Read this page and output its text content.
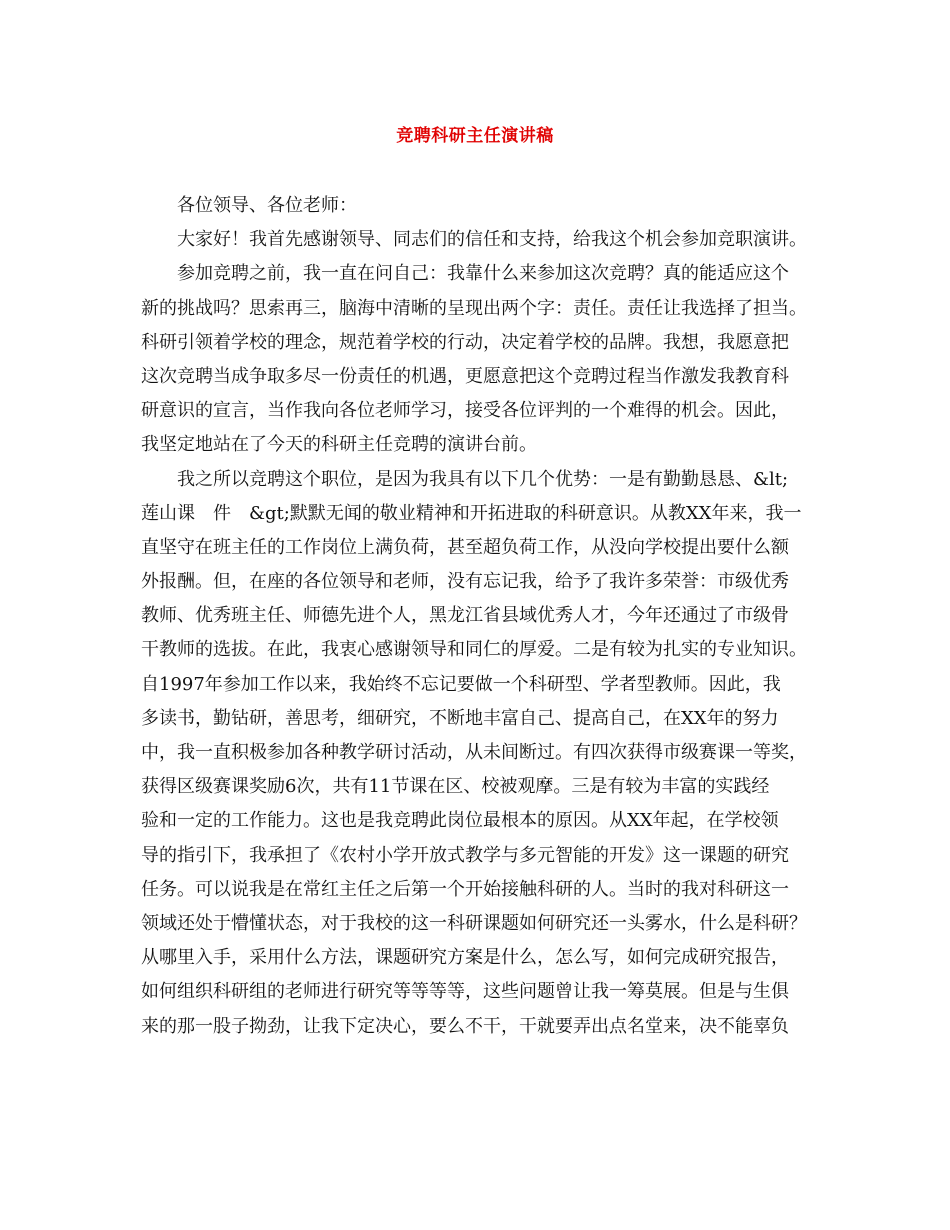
竞聘科研主任演讲稿
各位领导、各位老师：
大家好！我首先感谢领导、同志们的信任和支持，给我这个机会参加竞职演讲。
参加竞聘之前，我一直在问自己：我靠什么来参加这次竞聘？真的能适应这个
新的挑战吗？思索再三，脑海中清晰的呈现出两个字：责任。责任让我选择了担当。
科研引领着学校的理念，规范着学校的行动，决定着学校的品牌。我想，我愿意把
这次竞聘当成争取多尽一份责任的机遇，更愿意把这个竞聘过程当作激发我教育科
研意识的宣言，当作我向各位老师学习，接受各位评判的一个难得的机会。因此，
我坚定地站在了今天的科研主任竞聘的演讲台前。
我之所以竞聘这个职位，是因为我具有以下几个优势：一是有勤勤恳恳、&lt;
莲山课　件　&gt;默默无闻的敬业精神和开拓进取的科研意识。从教XX年来，我一
直坚守在班主任的工作岗位上满负荷，甚至超负荷工作，从没向学校提出要什么额
外报酬。但，在座的各位领导和老师，没有忘记我，给予了我许多荣誉：市级优秀
教师、优秀班主任、师德先进个人，黑龙江省县域优秀人才，今年还通过了市级骨
干教师的选拔。在此，我衷心感谢领导和同仁的厚爱。二是有较为扎实的专业知识。
自1997年参加工作以来，我始终不忘记要做一个科研型、学者型教师。因此，我
多读书，勤钻研，善思考，细研究，不断地丰富自己、提高自己，在XX年的努力
中，我一直积极参加各种教学研讨活动，从未间断过。有四次获得市级赛课一等奖，
获得区级赛课奖励6次，共有11节课在区、校被观摩。三是有较为丰富的实践经
验和一定的工作能力。这也是我竞聘此岗位最根本的原因。从XX年起，在学校领
导的指引下，我承担了《农村小学开放式教学与多元智能的开发》这一课题的研究
任务。可以说我是在常红主任之后第一个开始接触科研的人。当时的我对科研这一
领域还处于懵懂状态，对于我校的这一科研课题如何研究还一头雾水，什么是科研？
从哪里入手，采用什么方法，课题研究方案是什么，怎么写，如何完成研究报告，
如何组织科研组的老师进行研究等等等等，这些问题曾让我一筹莫展。但是与生俱
来的那一股子拗劲，让我下定决心，要么不干，干就要弄出点名堂来，决不能辜负
